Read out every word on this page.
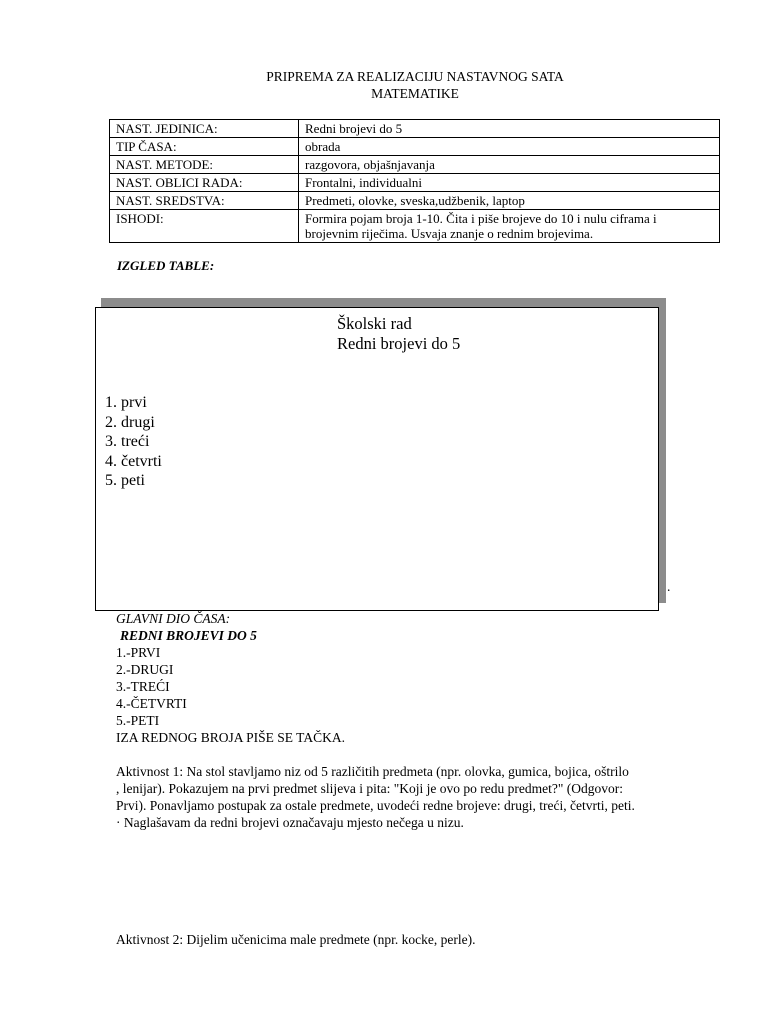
PRIPREMA ZA REALIZACIJU NASTAVNOG SATA
MATEMATIKE
NAST. JEDINICA:	Redni brojevi do 5
TIP ČASA:	obrada
NAST. METODE:	razgovora, objašnjavanja
NAST. OBLICI RADA:	Frontalni, individualni
NAST. SREDSTVA:	Predmeti, olovke, sveska,udžbenik, laptop
ISHODI:	Formira pojam broja 1-10. Čita i piše brojeve do 10 i nulu ciframa i brojevnim riječima. Usvaja znanje o rednim brojevima.
IZGLED TABLE:
Školski rad
Redni brojevi do 5
1. prvi
2. drugi
3. treći
4. četvrti
5. peti
.
GLAVNI DIO ČASA:
REDNI BROJEVI DO 5
1.-PRVI
2.-DRUGI
3.-TREĆI
4.-ČETVRTI
5.-PETI
IZA REDNOG BROJA PIŠE SE TAČKA.
Aktivnost 1: Na stol stavljamo niz od 5 različitih predmeta (npr. olovka, gumica, bojica, oštrilo
, lenijar). Pokazujem na prvi predmet slijeva i pita: "Koji je ovo po redu predmet?" (Odgovor:
Prvi). Ponavljamo postupak za ostale predmete, uvodeći redne brojeve: drugi, treći, četvrti, peti.
· Naglašavam da redni brojevi označavaju mjesto nečega u nizu.
Aktivnost 2: Dijelim učenicima male predmete (npr. kocke, perle).
